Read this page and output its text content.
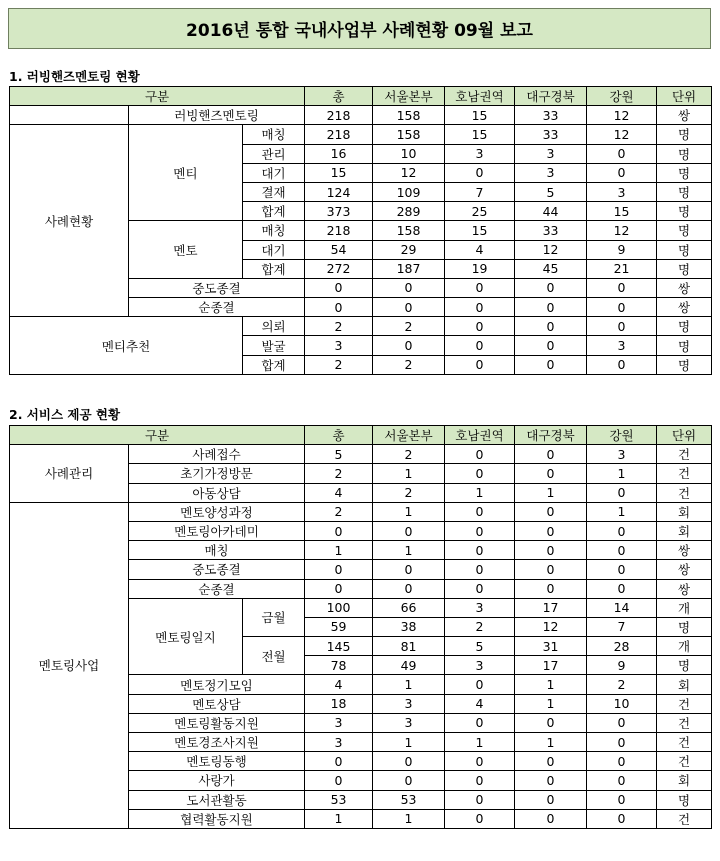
2016년 통합 국내사업부 사례현황 09월 보고
1. 러빙핸즈멘토링 현황
구분			총	서울본부	호남권역	대구경북	강원	단위
	러빙핸즈멘토링		218	158	15	33	12	쌍
사례현황	멘티	매칭	218	158	15	33	12	명
		관리	16	10	3	3	0	명
		대기	15	12	0	3	0	명
		결재	124	109	7	5	3	명
		합계	373	289	25	44	15	명
	멘토	매칭	218	158	15	33	12	명
		대기	54	29	4	12	9	명
		합계	272	187	19	45	21	명
	중도종결		0	0	0	0	0	쌍
	순종결		0	0	0	0	0	쌍
멘티추천		의뢰	2	2	0	0	0	명
		발굴	3	0	0	0	3	명
		합계	2	2	0	0	0	명
2. 서비스 제공 현황
구분			총	서울본부	호남권역	대구경북	강원	단위
사례관리	사례접수		5	2	0	0	3	건
	초기가정방문		2	1	0	0	1	건
	아동상담		4	2	1	1	0	건
멘토링사업	멘토양성과정		2	1	0	0	1	회
	멘토링아카데미		0	0	0	0	0	회
	매칭		1	1	0	0	0	쌍
	중도종결		0	0	0	0	0	쌍
	순종결		0	0	0	0	0	쌍
	멘토링일지	금월	100	66	3	17	14	개
			59	38	2	12	7	명
		전월	145	81	5	31	28	개
			78	49	3	17	9	명
	멘토정기모임		4	1	0	1	2	회
	멘토상담		18	3	4	1	10	건
	멘토링활동지원		3	3	0	0	0	건
	멘토경조사지원		3	1	1	1	0	건
	멘토링동행		0	0	0	0	0	건
	사랑가		0	0	0	0	0	회
	도서관활동		53	53	0	0	0	명
	협력활동지원		1	1	0	0	0	건
